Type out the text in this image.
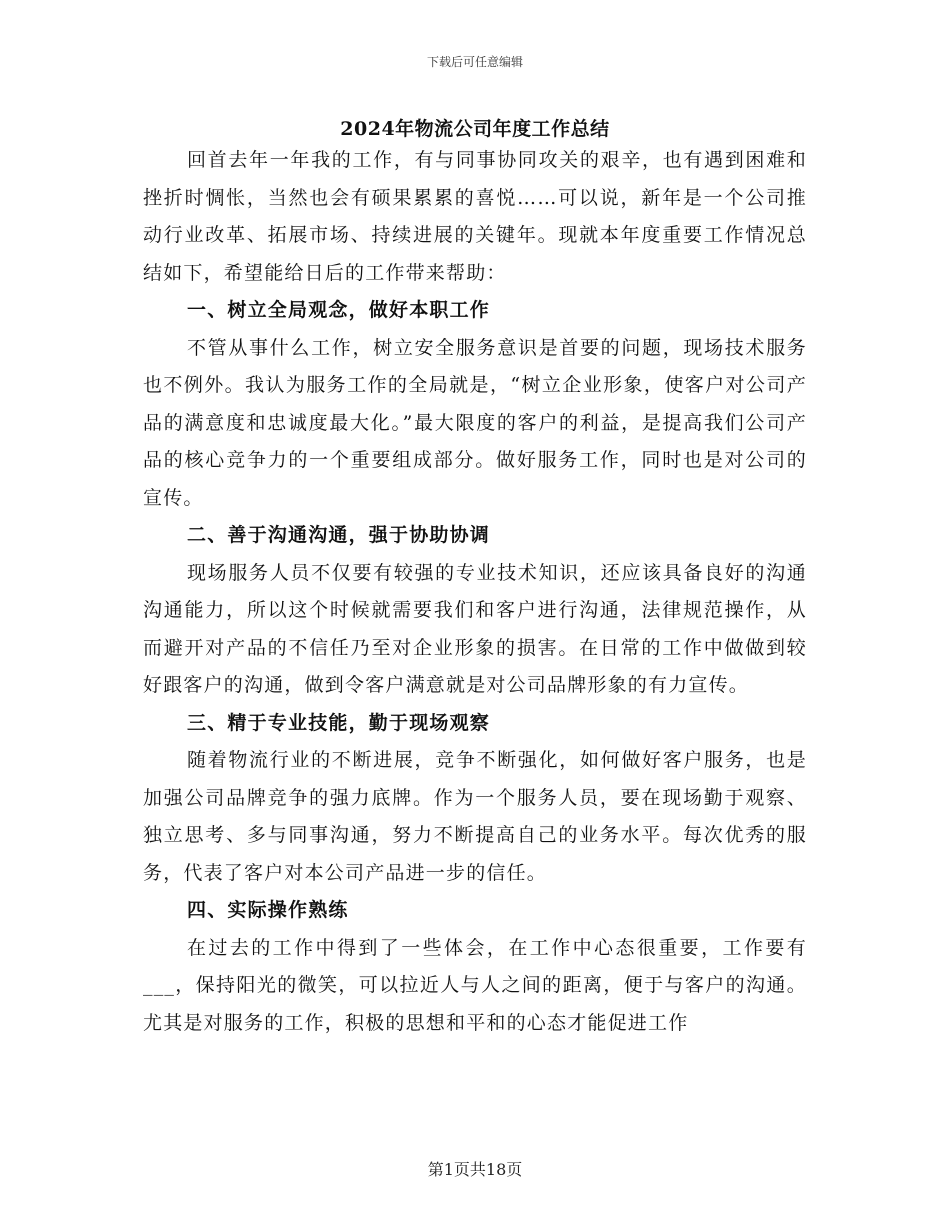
下载后可任意编辑
2024年物流公司年度工作总结

回首去年一年我的工作，有与同事协同攻关的艰辛，也有遇到困难和挫折时惆怅，当然也会有硕果累累的喜悦……可以说，新年是一个公司推动行业改革、拓展市场、持续进展的关键年。现就本年度重要工作情况总结如下，希望能给日后的工作带来帮助：

一、树立全局观念，做好本职工作

不管从事什么工作，树立安全服务意识是首要的问题，现场技术服务也不例外。我认为服务工作的全局就是，“树立企业形象，使客户对公司产品的满意度和忠诚度最大化。”最大限度的客户的利益，是提高我们公司产品的核心竞争力的一个重要组成部分。做好服务工作，同时也是对公司的宣传。

二、善于沟通沟通，强于协助协调

现场服务人员不仅要有较强的专业技术知识，还应该具备良好的沟通沟通能力，所以这个时候就需要我们和客户进行沟通，法律规范操作，从而避开对产品的不信任乃至对企业形象的损害。在日常的工作中做做到较好跟客户的沟通，做到令客户满意就是对公司品牌形象的有力宣传。

三、精于专业技能，勤于现场观察

随着物流行业的不断进展，竞争不断强化，如何做好客户服务，也是加强公司品牌竞争的强力底牌。作为一个服务人员，要在现场勤于观察、独立思考、多与同事沟通，努力不断提高自己的业务水平。每次优秀的服务，代表了客户对本公司产品进一步的信任。

四、实际操作熟练

在过去的工作中得到了一些体会，在工作中心态很重要，工作要有___，保持阳光的微笑，可以拉近人与人之间的距离，便于与客户的沟通。尤其是对服务的工作，积极的思想和平和的心态才能促进工作

第1页共18页
